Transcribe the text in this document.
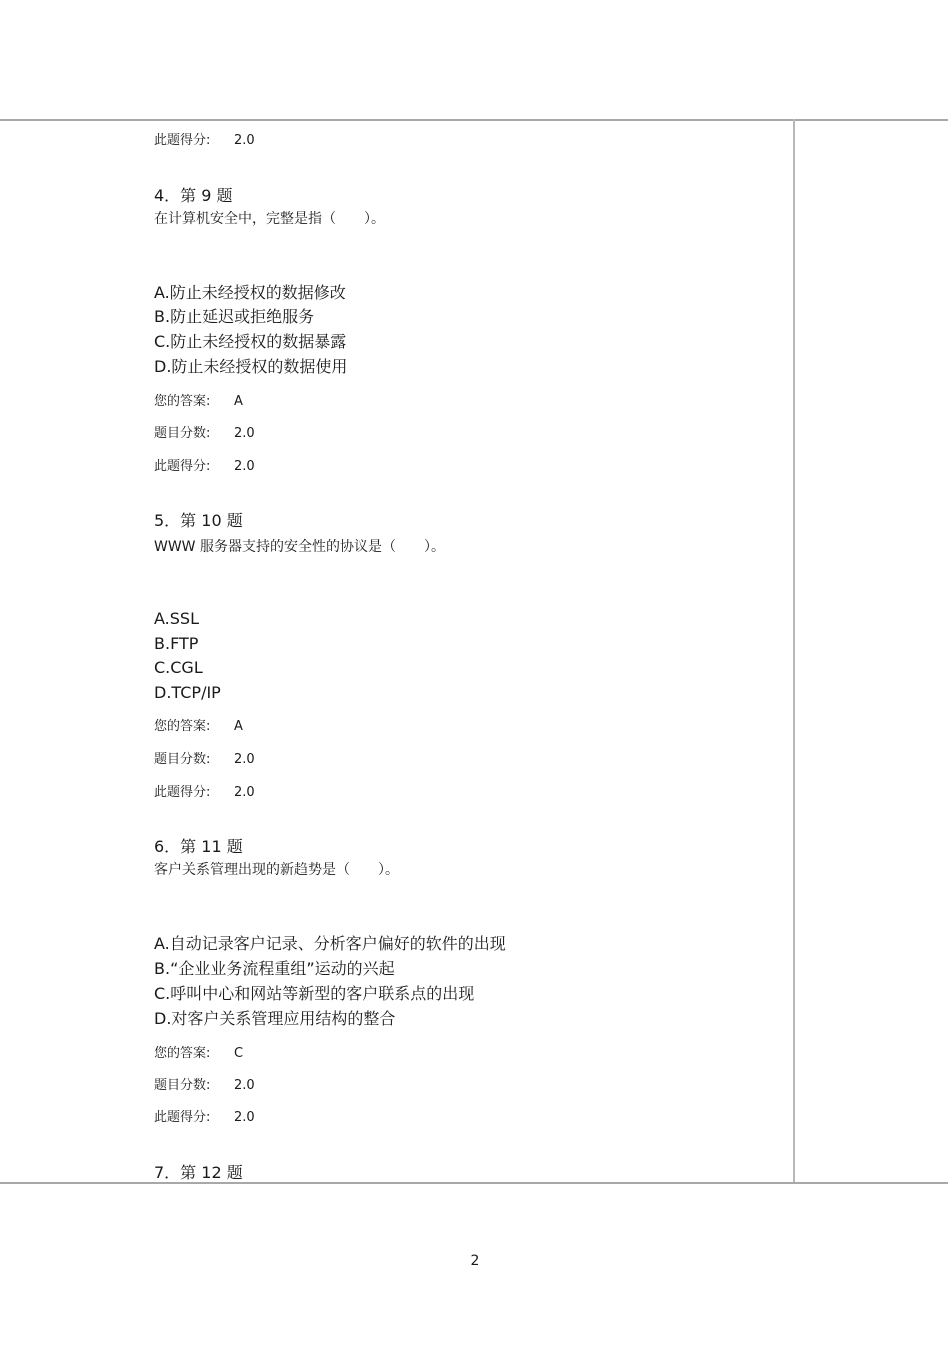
此题得分: 2.0
4．第 9 题
在计算机安全中，完整是指（　　）。
A.防止未经授权的数据修改
B.防止延迟或拒绝服务
C.防止未经授权的数据暴露
D.防止未经授权的数据使用
您的答案: A
题目分数: 2.0
此题得分: 2.0
5．第 10 题
WWW 服务器支持的安全性的协议是（　　）。
A.SSL
B.FTP
C.CGL
D.TCP/IP
您的答案: A
题目分数: 2.0
此题得分: 2.0
6．第 11 题
客户关系管理出现的新趋势是（　　）。
A.自动记录客户记录、分析客户偏好的软件的出现
B.“企业业务流程重组”运动的兴起
C.呼叫中心和网站等新型的客户联系点的出现
D.对客户关系管理应用结构的整合
您的答案: C
题目分数: 2.0
此题得分: 2.0
7．第 12 题
2
